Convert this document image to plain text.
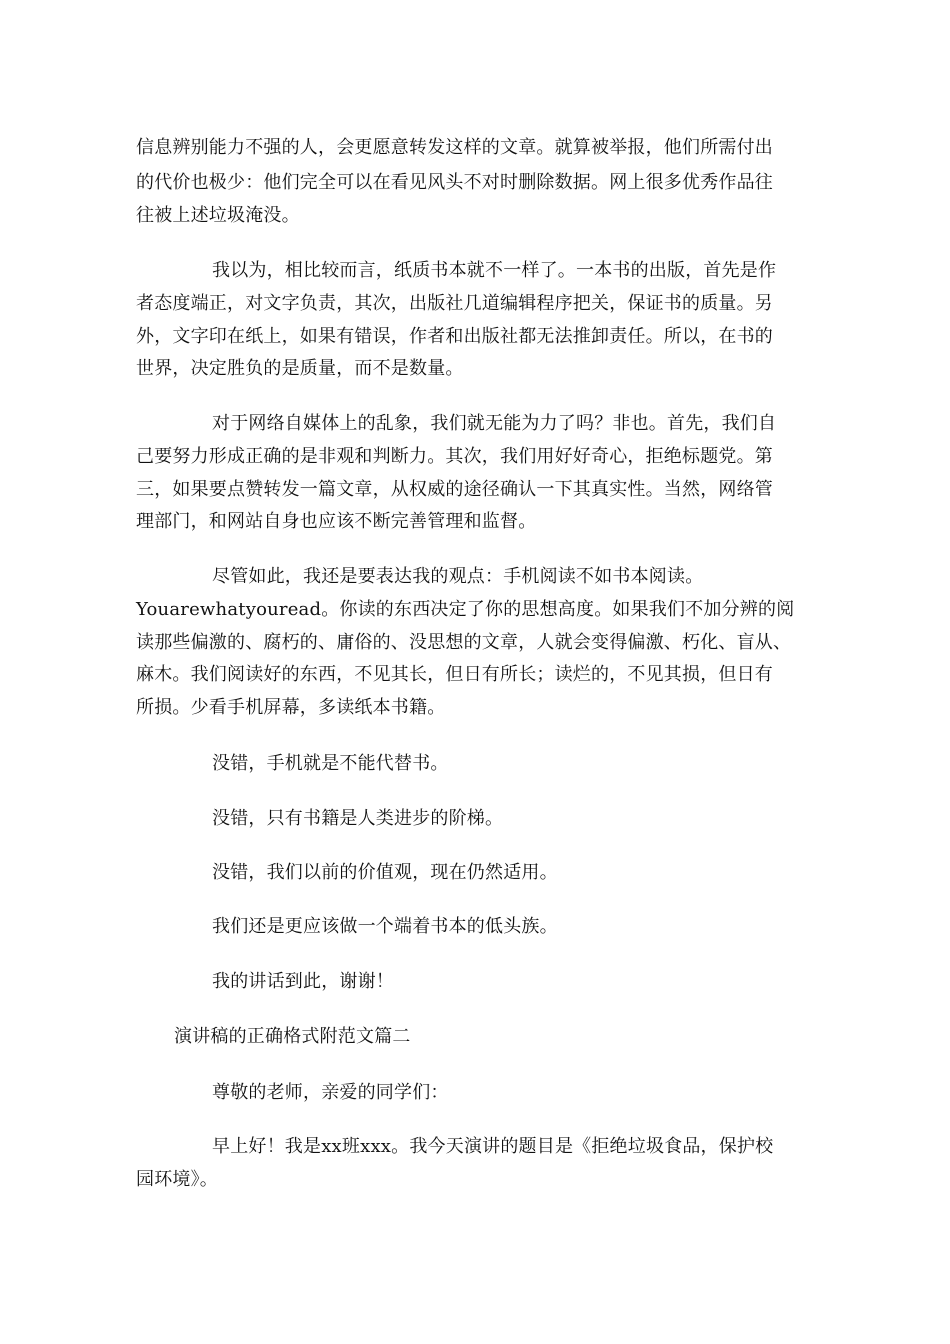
信息辨别能力不强的人，会更愿意转发这样的文章。就算被举报，他们所需付出
的代价也极少：他们完全可以在看见风头不对时删除数据。网上很多优秀作品往
往被上述垃圾淹没。
我以为，相比较而言，纸质书本就不一样了。一本书的出版，首先是作
者态度端正，对文字负责，其次，出版社几道编辑程序把关，保证书的质量。另
外，文字印在纸上，如果有错误，作者和出版社都无法推卸责任。所以，在书的
世界，决定胜负的是质量，而不是数量。
对于网络自媒体上的乱象，我们就无能为力了吗？非也。首先，我们自
己要努力形成正确的是非观和判断力。其次，我们用好好奇心，拒绝标题党。第
三，如果要点赞转发一篇文章，从权威的途径确认一下其真实性。当然，网络管
理部门，和网站自身也应该不断完善管理和监督。
尽管如此，我还是要表达我的观点：手机阅读不如书本阅读。
Youarewhatyouread。你读的东西决定了你的思想高度。如果我们不加分辨的阅
读那些偏激的、腐朽的、庸俗的、没思想的文章，人就会变得偏激、朽化、盲从、
麻木。我们阅读好的东西，不见其长，但日有所长；读烂的，不见其损，但日有
所损。少看手机屏幕，多读纸本书籍。
没错，手机就是不能代替书。
没错，只有书籍是人类进步的阶梯。
没错，我们以前的价值观，现在仍然适用。
我们还是更应该做一个端着书本的低头族。
我的讲话到此，谢谢！
演讲稿的正确格式附范文篇二
尊敬的老师，亲爱的同学们：
早上好！我是xx班xxx。我今天演讲的题目是《拒绝垃圾食品，保护校
园环境》。
